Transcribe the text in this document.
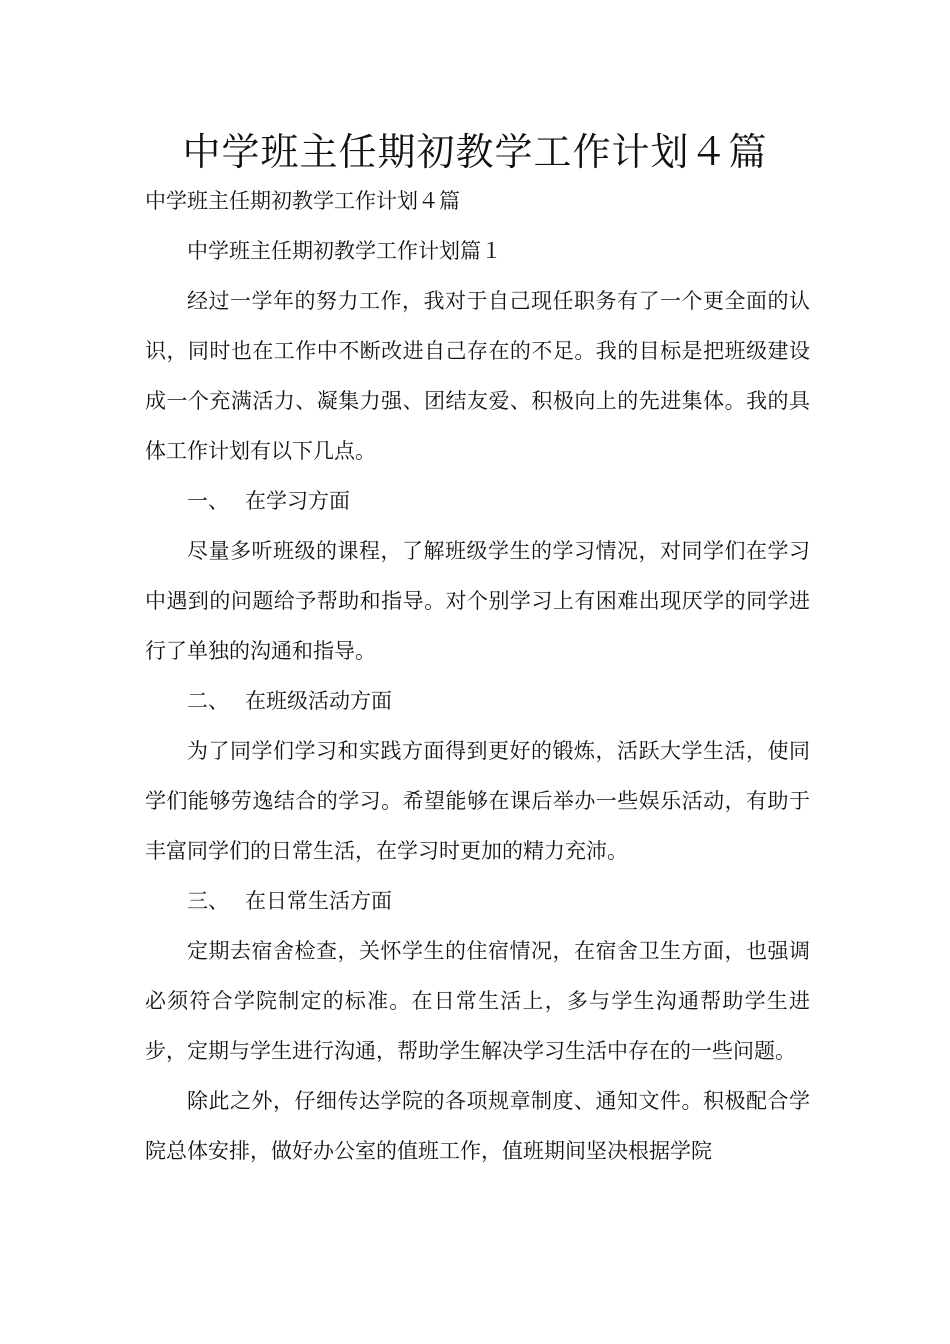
中学班主任期初教学工作计划４篇

中学班主任期初教学工作计划４篇

中学班主任期初教学工作计划篇１

经过一学年的努力工作，我对于自己现任职务有了一个更全面的认识，同时也在工作中不断改进自己存在的不足。我的目标是把班级建设成一个充满活力、凝集力强、团结友爱、积极向上的先进集体。我的具体工作计划有以下几点。

一、 在学习方面

尽量多听班级的课程，了解班级学生的学习情况，对同学们在学习中遇到的问题给予帮助和指导。对个别学习上有困难出现厌学的同学进行了单独的沟通和指导。

二、 在班级活动方面

为了同学们学习和实践方面得到更好的锻炼，活跃大学生活，使同学们能够劳逸结合的学习。希望能够在课后举办一些娱乐活动，有助于丰富同学们的日常生活，在学习时更加的精力充沛。

三、 在日常生活方面

定期去宿舍检查，关怀学生的住宿情况，在宿舍卫生方面，也强调必须符合学院制定的标准。在日常生活上，多与学生沟通帮助学生进步，定期与学生进行沟通，帮助学生解决学习生活中存在的一些问题。

除此之外，仔细传达学院的各项规章制度、通知文件。积极配合学院总体安排，做好办公室的值班工作，值班期间坚决根据学院
